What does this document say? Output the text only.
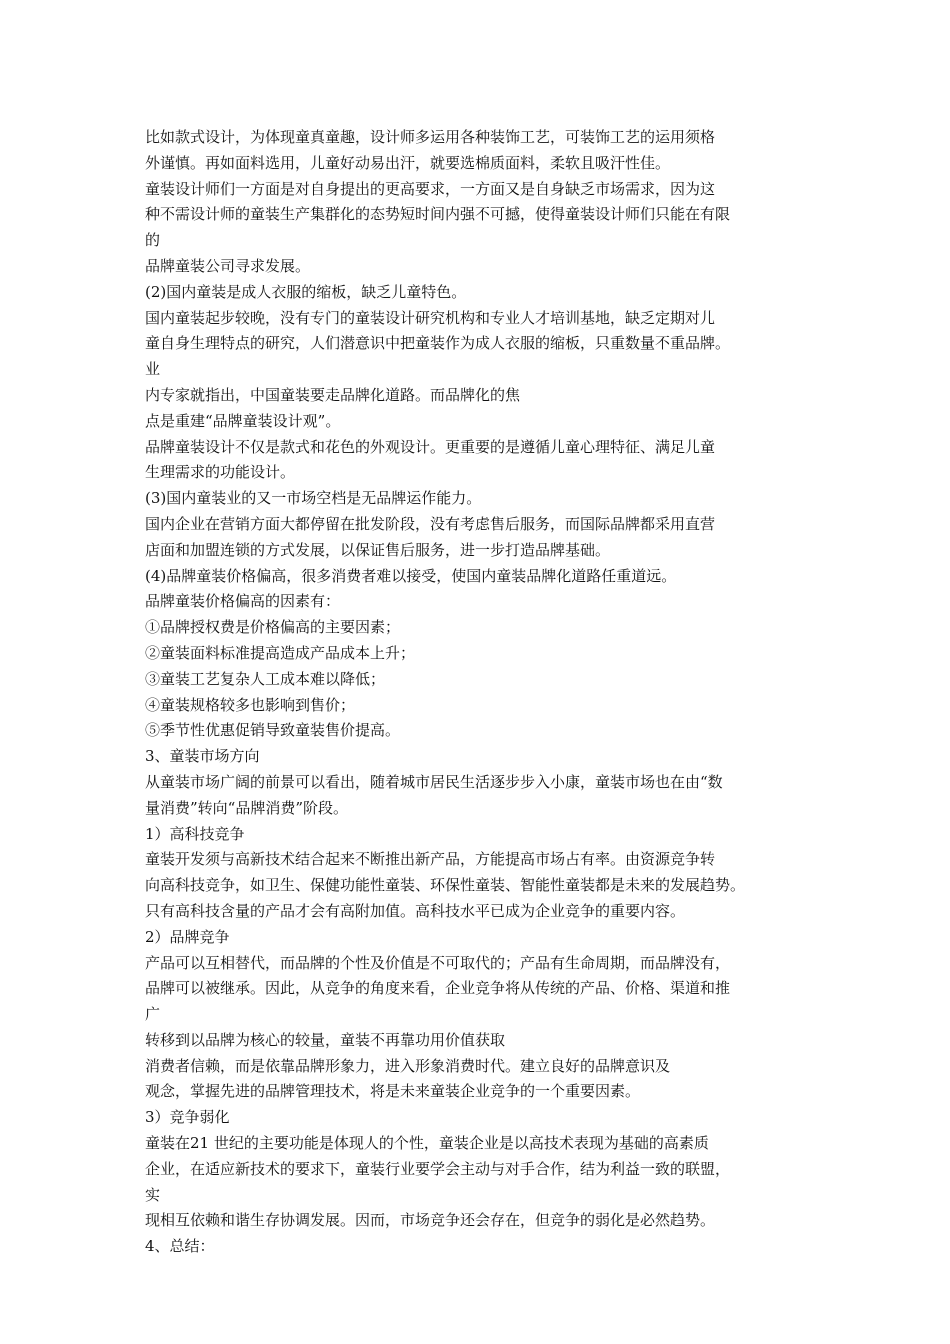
比如款式设计，为体现童真童趣，设计师多运用各种装饰工艺，可装饰工艺的运用须格
外谨慎。再如面料选用，儿童好动易出汗，就要选棉质面料，柔软且吸汗性佳。
童装设计师们一方面是对自身提出的更高要求，一方面又是自身缺乏市场需求，因为这
种不需设计师的童装生产集群化的态势短时间内强不可撼，使得童装设计师们只能在有限
的
品牌童装公司寻求发展。
(2)国内童装是成人衣服的缩板，缺乏儿童特色。
国内童装起步较晚，没有专门的童装设计研究机构和专业人才培训基地，缺乏定期对儿
童自身生理特点的研究，人们潜意识中把童装作为成人衣服的缩板，只重数量不重品牌。
业
内专家就指出，中国童装要走品牌化道路。而品牌化的焦
点是重建“品牌童装设计观”。
品牌童装设计不仅是款式和花色的外观设计。更重要的是遵循儿童心理特征、满足儿童
生理需求的功能设计。
(3)国内童装业的又一市场空档是无品牌运作能力。
国内企业在营销方面大都停留在批发阶段，没有考虑售后服务，而国际品牌都采用直营
店面和加盟连锁的方式发展，以保证售后服务，进一步打造品牌基础。
(4)品牌童装价格偏高，很多消费者难以接受，使国内童装品牌化道路任重道远。
品牌童装价格偏高的因素有：
①品牌授权费是价格偏高的主要因素；
②童装面料标准提高造成产品成本上升；
③童装工艺复杂人工成本难以降低；
④童装规格较多也影响到售价；
⑤季节性优惠促销导致童装售价提高。
3、童装市场方向
从童装市场广阔的前景可以看出，随着城市居民生活逐步步入小康，童装市场也在由“数
量消费”转向“品牌消费”阶段。
1）高科技竞争
童装开发须与高新技术结合起来不断推出新产品，方能提高市场占有率。由资源竞争转
向高科技竞争，如卫生、保健功能性童装、环保性童装、智能性童装都是未来的发展趋势。
只有高科技含量的产品才会有高附加值。高科技水平已成为企业竞争的重要内容。
2）品牌竞争
产品可以互相替代，而品牌的个性及价值是不可取代的；产品有生命周期，而品牌没有，
品牌可以被继承。因此，从竞争的角度来看，企业竞争将从传统的产品、价格、渠道和推
广
转移到以品牌为核心的较量，童装不再靠功用价值获取
消费者信赖，而是依靠品牌形象力，进入形象消费时代。建立良好的品牌意识及
观念，掌握先进的品牌管理技术，将是未来童装企业竞争的一个重要因素。
3）竞争弱化
童装在21 世纪的主要功能是体现人的个性，童装企业是以高技术表现为基础的高素质
企业，在适应新技术的要求下，童装行业要学会主动与对手合作，结为利益一致的联盟，
实
现相互依赖和谐生存协调发展。因而，市场竞争还会存在，但竞争的弱化是必然趋势。
4、总结：
